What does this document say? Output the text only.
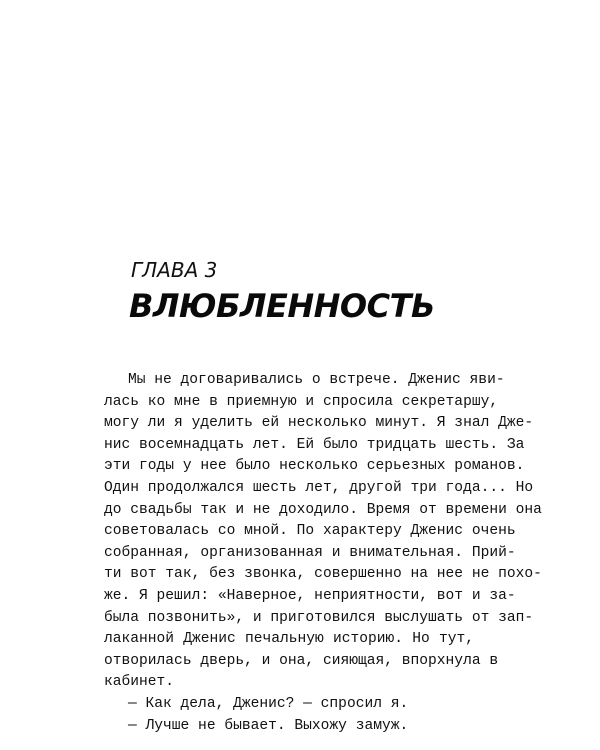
ГЛАВА 3
ВЛЮБЛЕННОСТЬ
Мы не договаривались о встрече. Дженис яви-
лась ко мне в приемную и спросила секретаршу,
могу ли я уделить ей несколько минут. Я знал Дже-
нис восемнадцать лет. Ей было тридцать шесть. За
эти годы у нее было несколько серьезных романов.
Один продолжался шесть лет, другой три года... Но
до свадьбы так и не доходило. Время от времени она
советовалась со мной. По характеру Дженис очень
собранная, организованная и внимательная. Прий-
ти вот так, без звонка, совершенно на нее не похо-
же. Я решил: «Наверное, неприятности, вот и за-
была позвонить», и приготовился выслушать от зап-
лаканной Дженис печальную историю. Но тут,
отворилась дверь, и она, сияющая, впорхнула в
кабинет.
— Как дела, Дженис? — спросил я.
— Лучше не бывает. Выхожу замуж.
